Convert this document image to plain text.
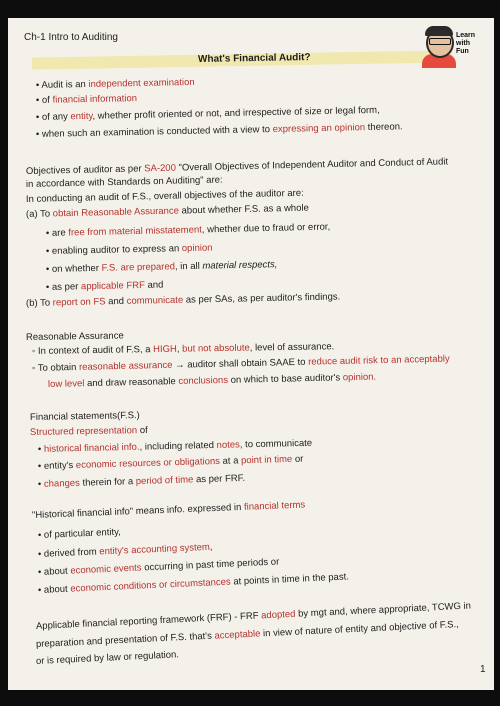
Ch-1 Intro to Auditing
What's Financial Audit?
Learn
with
Fun
• Audit is an independent examination
• of financial information
• of any entity, whether profit oriented or not, and irrespective of size or legal form,
• when such an examination is conducted with a view to expressing an opinion thereon.
Objectives of auditor as per SA-200 "Overall Objectives of Independent Auditor and Conduct of Audit
in accordance with Standards on Auditing" are:
In conducting an audit of F.S., overall objectives of the auditor are:
(a) To obtain Reasonable Assurance about whether F.S. as a whole
• are free from material misstatement, whether due to fraud or error,
• enabling auditor to express an opinion
• on whether F.S. are prepared, in all material respects,
• as per applicable FRF and
(b) To report on FS and communicate as per SAs, as per auditor's findings.
Reasonable Assurance
◦ In context of audit of F.S, a HIGH, but not absolute, level of assurance.
◦ To obtain reasonable assurance → auditor shall obtain SAAE to reduce audit risk to an acceptably
low level and draw reasonable conclusions on which to base auditor's opinion.
Financial statements(F.S.)
Structured representation of
• historical financial info., including related notes, to communicate
• entity's economic resources or obligations at a point in time or
• changes therein for a period of time as per FRF.
"Historical financial info" means info. expressed in financial terms
• of particular entity,
• derived from entity's accounting system,
• about economic events occurring in past time periods or
• about economic conditions or circumstances at points in time in the past.
Applicable financial reporting framework (FRF) - FRF adopted by mgt and, where appropriate, TCWG in
preparation and presentation of F.S. that's acceptable in view of nature of entity and objective of F.S.,
or is required by law or regulation.
1
